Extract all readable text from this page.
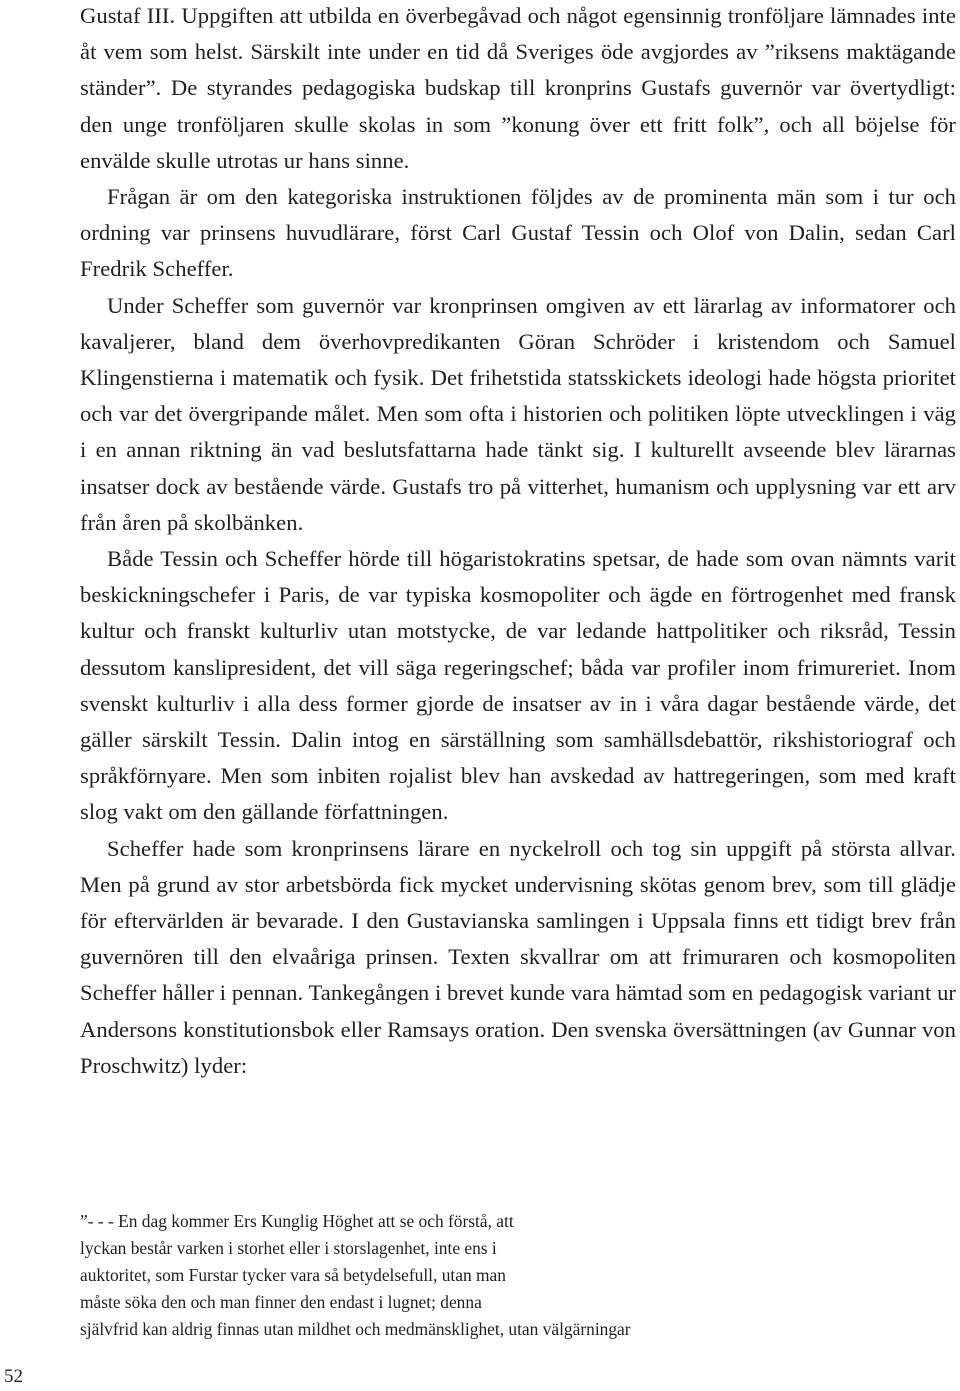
Gustaf III. Uppgiften att utbilda en överbegåvad och något egensinnig tronföljare lämnades inte åt vem som helst. Särskilt inte under en tid då Sveriges öde avgjordes av ”riksens maktägande ständer”. De styrandes pedagogiska budskap till kronprins Gustafs guvernör var övertydligt: den unge tronföljaren skulle skolas in som ”konung över ett fritt folk”, och all böjelse för envälde skulle utrotas ur hans sinne.

Frågan är om den kategoriska instruktionen följdes av de prominenta män som i tur och ordning var prinsens huvudlärare, först Carl Gustaf Tessin och Olof von Dalin, sedan Carl Fredrik Scheffer.

Under Scheffer som guvernör var kronprinsen omgiven av ett lärarlag av informatorer och kavaljerer, bland dem överhovpredikanten Göran Schröder i kristendom och Samuel Klingenstierna i matematik och fysik. Det frihetstida statsskickets ideologi hade högsta prioritet och var det övergripande målet. Men som ofta i historien och politiken löpte utvecklingen i väg i en annan riktning än vad beslutsfattarna hade tänkt sig. I kulturellt avseende blev lärarnas insatser dock av bestående värde. Gustafs tro på vitterhet, humanism och upplysning var ett arv från åren på skolbänken.

Både Tessin och Scheffer hörde till högaristokratins spetsar, de hade som ovan nämnts varit beskickningschefer i Paris, de var typiska kosmopoliter och ägde en förtrogenhet med fransk kultur och franskt kulturliv utan motstycke, de var ledande hattpolitiker och riksråd, Tessin dessutom kanslipresident, det vill säga regeringschef; båda var profiler inom frimureriet. Inom svenskt kulturliv i alla dess former gjorde de insatser av in i våra dagar bestående värde, det gäller särskilt Tessin. Dalin intog en särställning som samhällsdebattör, rikshistoriograf och språkförnyare. Men som inbiten rojalist blev han avskedad av hattregeringen, som med kraft slog vakt om den gällande författningen.

Scheffer hade som kronprinsens lärare en nyckelroll och tog sin uppgift på största allvar. Men på grund av stor arbetsbörda fick mycket undervisning skötas genom brev, som till glädje för eftervärlden är bevarade. I den Gustavianska samlingen i Uppsala finns ett tidigt brev från guvernören till den elvaåriga prinsen. Texten skvallrar om att frimuraren och kosmopoliten Scheffer håller i pennan. Tankegången i brevet kunde vara hämtad som en pedagogisk variant ur Andersons konstitutionsbok eller Ramsays oration. Den svenska översättningen (av Gunnar von Proschwitz) lyder:

”- - - En dag kommer Ers Kunglig Höghet att se och förstå, att
lyckan består varken i storhet eller i storslagenhet, inte ens i
auktoritet, som Furstar tycker vara så betydelsefull, utan man
måste söka den och man finner den endast i lugnet; denna
självfrid kan aldrig finnas utan mildhet och medmänsklighet, utan välgärningar
52
